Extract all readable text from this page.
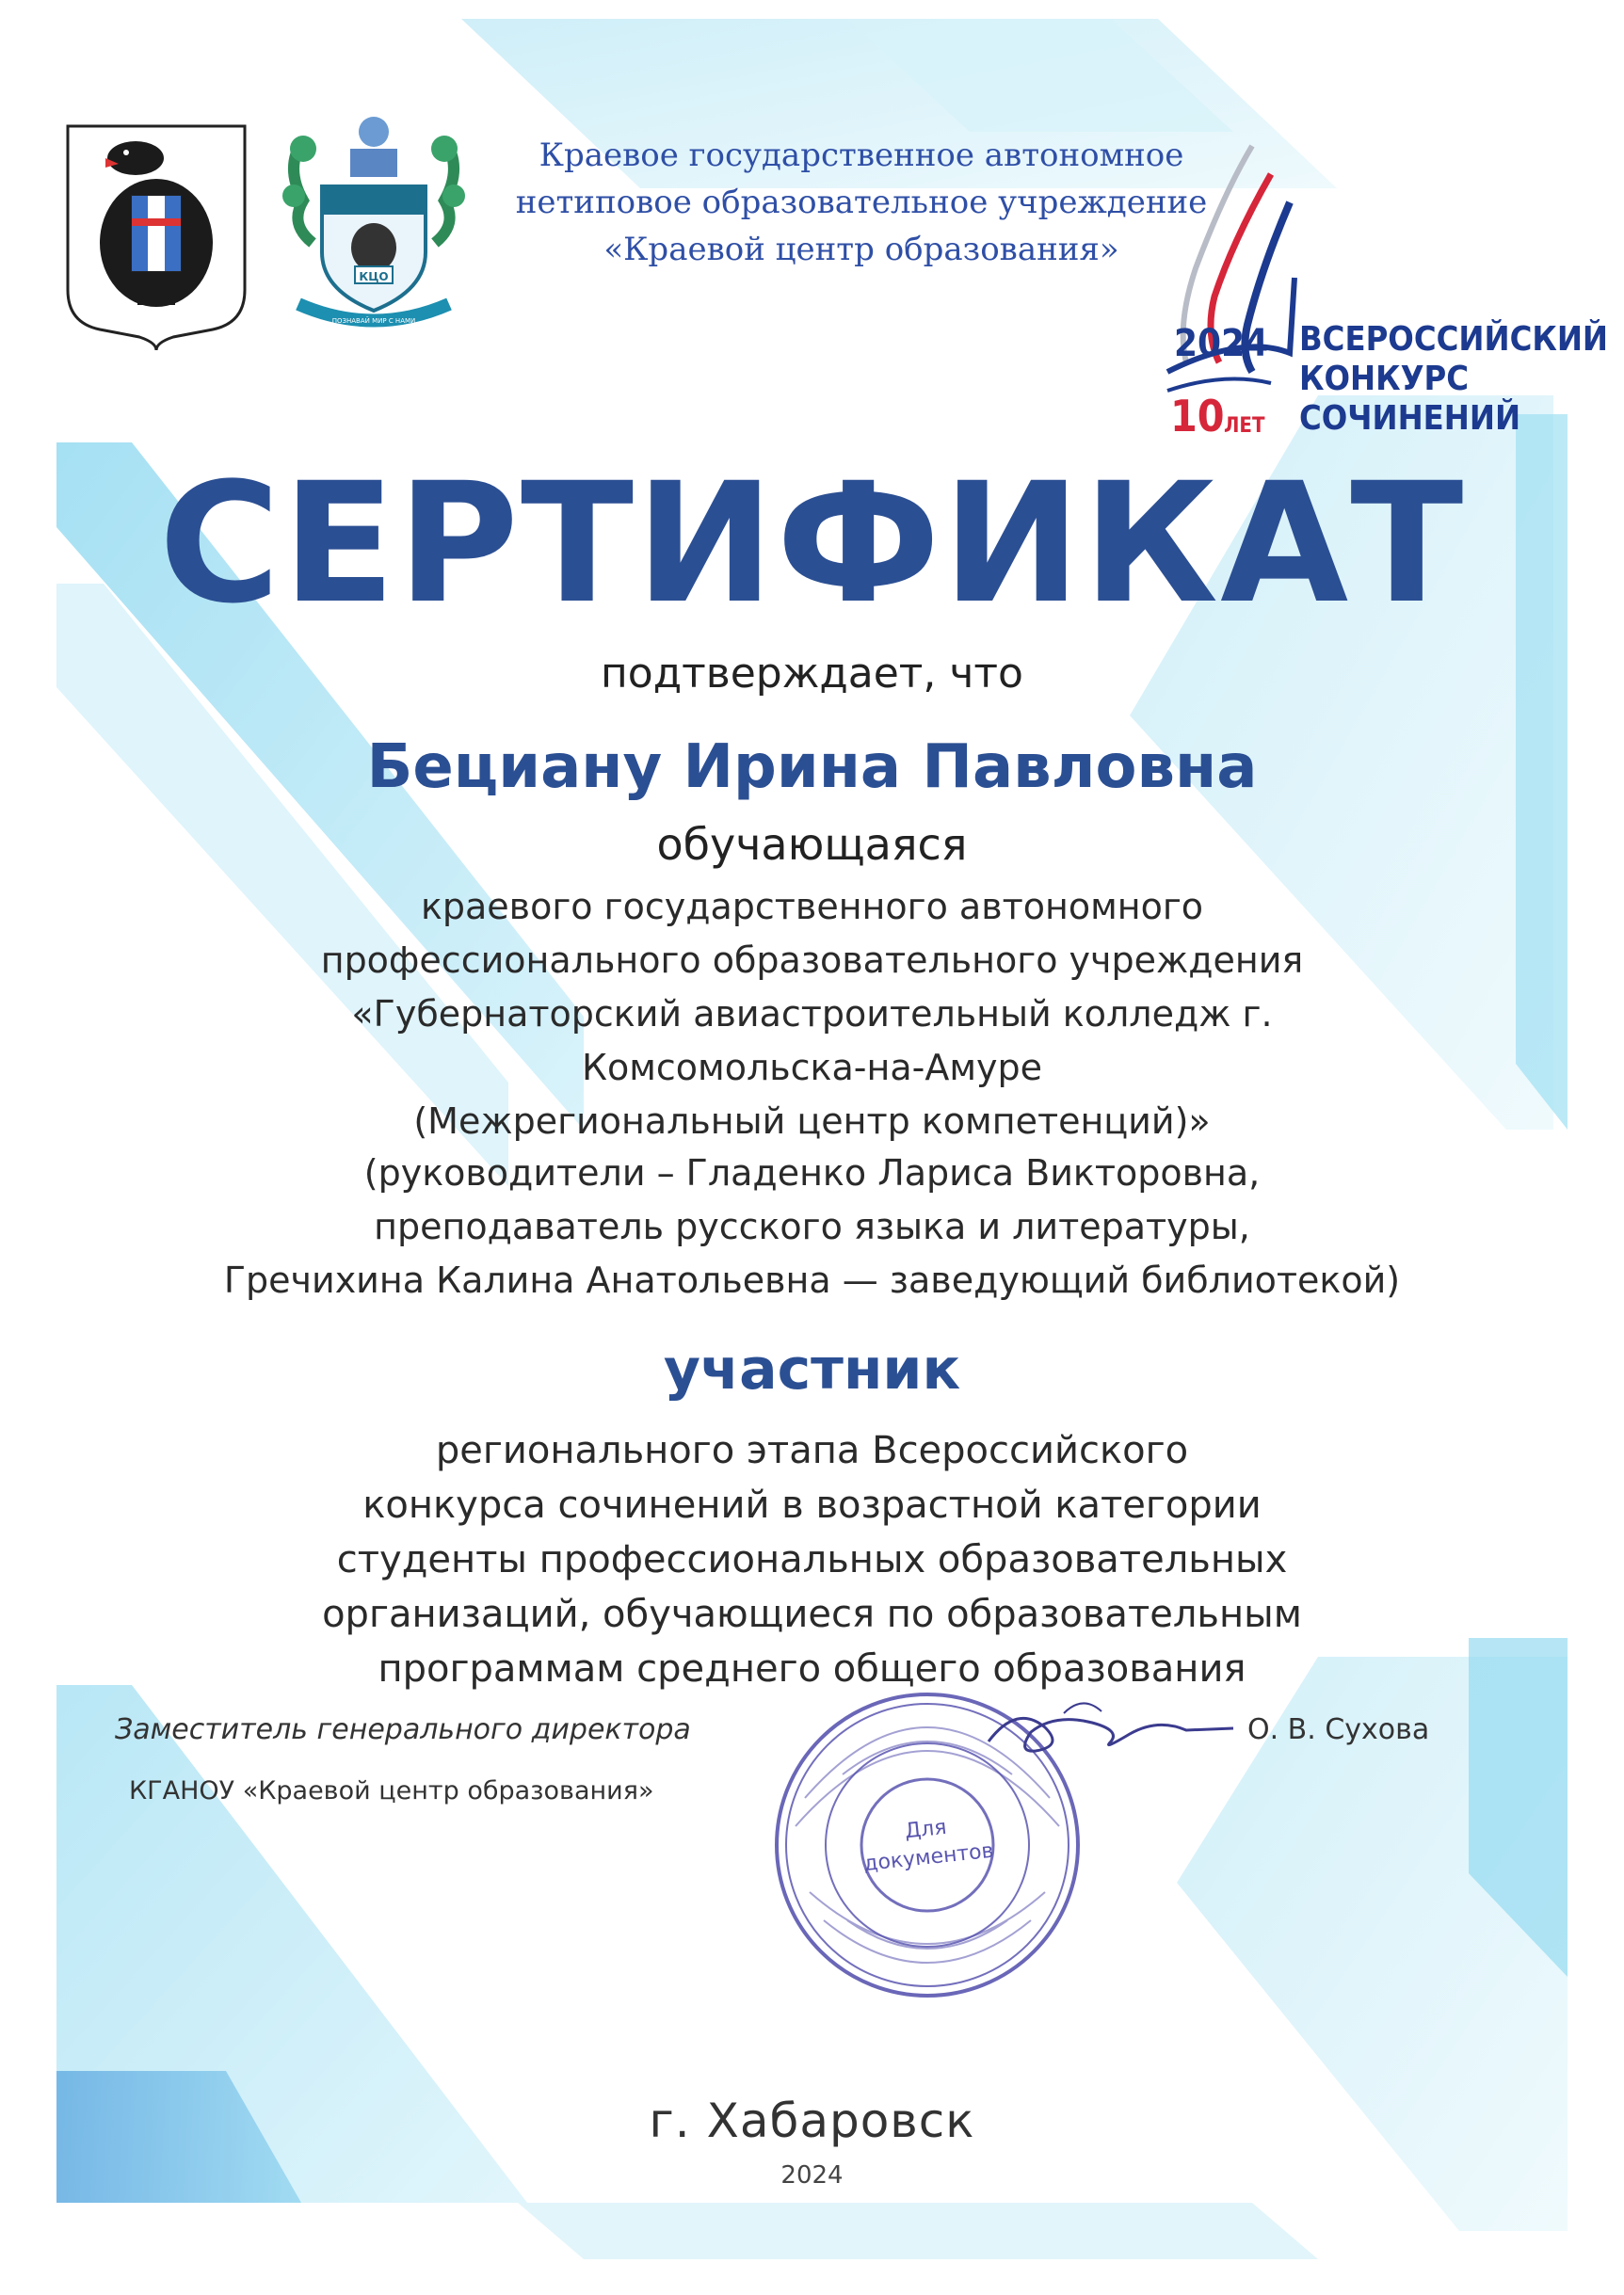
КЦО
ПОЗНАВАЙ МИР С НАМИ
Краевое государственное автономное
нетиповое образовательное учреждение
«Краевой центр образования»
2024
10 ЛЕТ
ВСЕРОССИЙСКИЙ
КОНКУРС
СОЧИНЕНИЙ
СЕРТИФИКАТ
подтверждает, что
Бециану Ирина Павловна
обучающаяся
краевого государственного автономного
профессионального образовательного учреждения
«Губернаторский авиастроительный колледж г.
Комсомольска-на-Амуре
(Межрегиональный центр компетенций)»
(руководители – Гладенко Лариса Викторовна,
преподаватель русского языка и литературы,
Гречихина Калина Анатольевна — заведующий библиотекой)
участник
регионального этапа Всероссийского
конкурса сочинений в возрастной категории
студенты профессиональных образовательных
организаций, обучающиеся по образовательным
программам среднего общего образования
Для
документов
Заместитель генерального директора
КГАНОУ «Краевой центр образования»
О. В. Сухова
г. Хабаровск
2024
